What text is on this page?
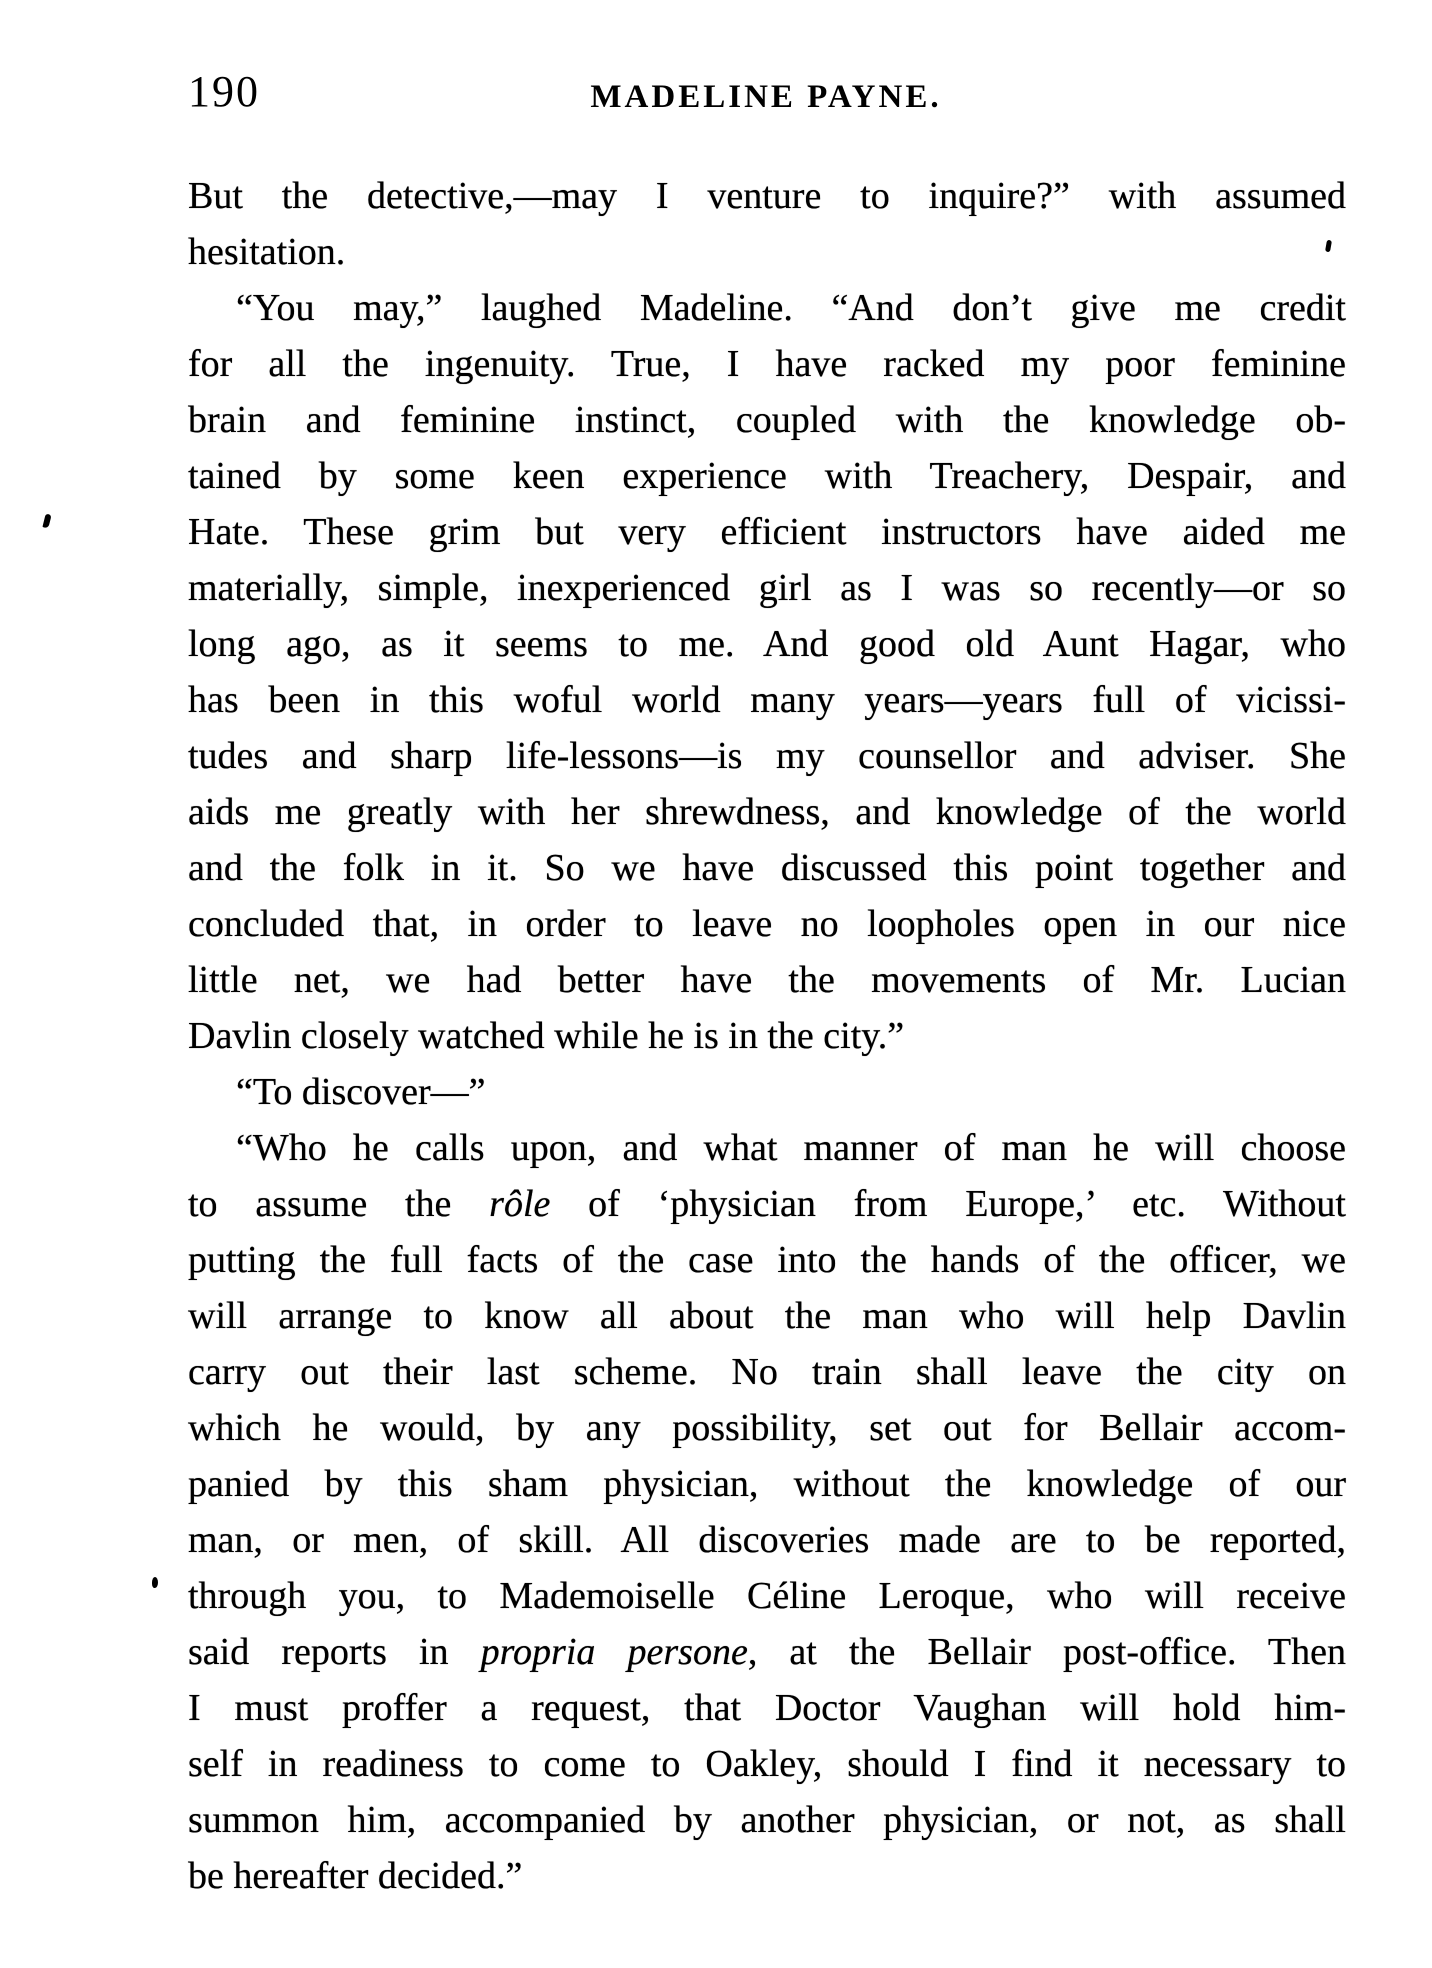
190	MADELINE PAYNE.
But the detective,—may I venture to inquire?” with assumed
hesitation.
“You may,” laughed Madeline. “And don’t give me credit
for all the ingenuity. True, I have racked my poor feminine
brain and feminine instinct, coupled with the knowledge ob-
tained by some keen experience with Treachery, Despair, and
Hate. These grim but very efficient instructors have aided me
materially, simple, inexperienced girl as I was so recently—or so
long ago, as it seems to me. And good old Aunt Hagar, who
has been in this woful world many years—years full of vicissi-
tudes and sharp life-lessons—is my counsellor and adviser. She
aids me greatly with her shrewdness, and knowledge of the world
and the folk in it. So we have discussed this point together and
concluded that, in order to leave no loopholes open in our nice
little net, we had better have the movements of Mr. Lucian
Davlin closely watched while he is in the city.”
“To discover—”
“Who he calls upon, and what manner of man he will choose
to assume the rôle of ‘physician from Europe,’ etc. Without
putting the full facts of the case into the hands of the officer, we
will arrange to know all about the man who will help Davlin
carry out their last scheme. No train shall leave the city on
which he would, by any possibility, set out for Bellair accom-
panied by this sham physician, without the knowledge of our
man, or men, of skill. All discoveries made are to be reported,
through you, to Mademoiselle Céline Leroque, who will receive
said reports in propria persone, at the Bellair post-office. Then
I must proffer a request, that Doctor Vaughan will hold him-
self in readiness to come to Oakley, should I find it necessary to
summon him, accompanied by another physician, or not, as shall
be hereafter decided.”
